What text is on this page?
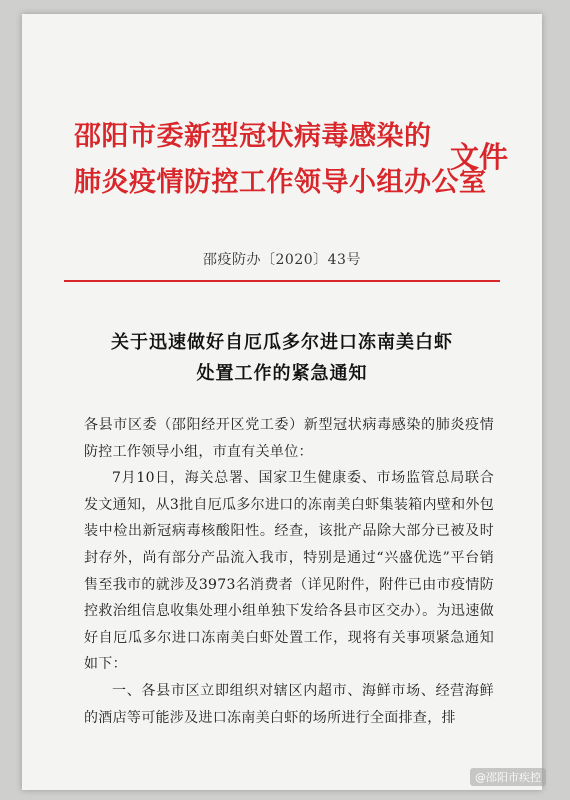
邵阳市委新型冠状病毒感染的
肺炎疫情防控工作领导小组办公室
文件
邵疫防办〔2020〕43号
关于迅速做好自厄瓜多尔进口冻南美白虾
处置工作的紧急通知

各县市区委（邵阳经开区党工委）新型冠状病毒感染的肺炎疫情防控工作领导小组，市直有关单位：

7月10日，海关总署、国家卫生健康委、市场监管总局联合发文通知，从3批自厄瓜多尔进口的冻南美白虾集装箱内壁和外包装中检出新冠病毒核酸阳性。经查，该批产品除大部分已被及时封存外，尚有部分产品流入我市，特别是通过“兴盛优选”平台销售至我市的就涉及3973名消费者（详见附件，附件已由市疫情防控救治组信息收集处理小组单独下发给各县市区交办）。为迅速做好自厄瓜多尔进口冻南美白虾处置工作，现将有关事项紧急通知如下：

一、各县市区立即组织对辖区内超市、海鲜市场、经营海鲜的酒店等可能涉及进口冻南美白虾的场所进行全面排查，排

@邵阳市疾控
